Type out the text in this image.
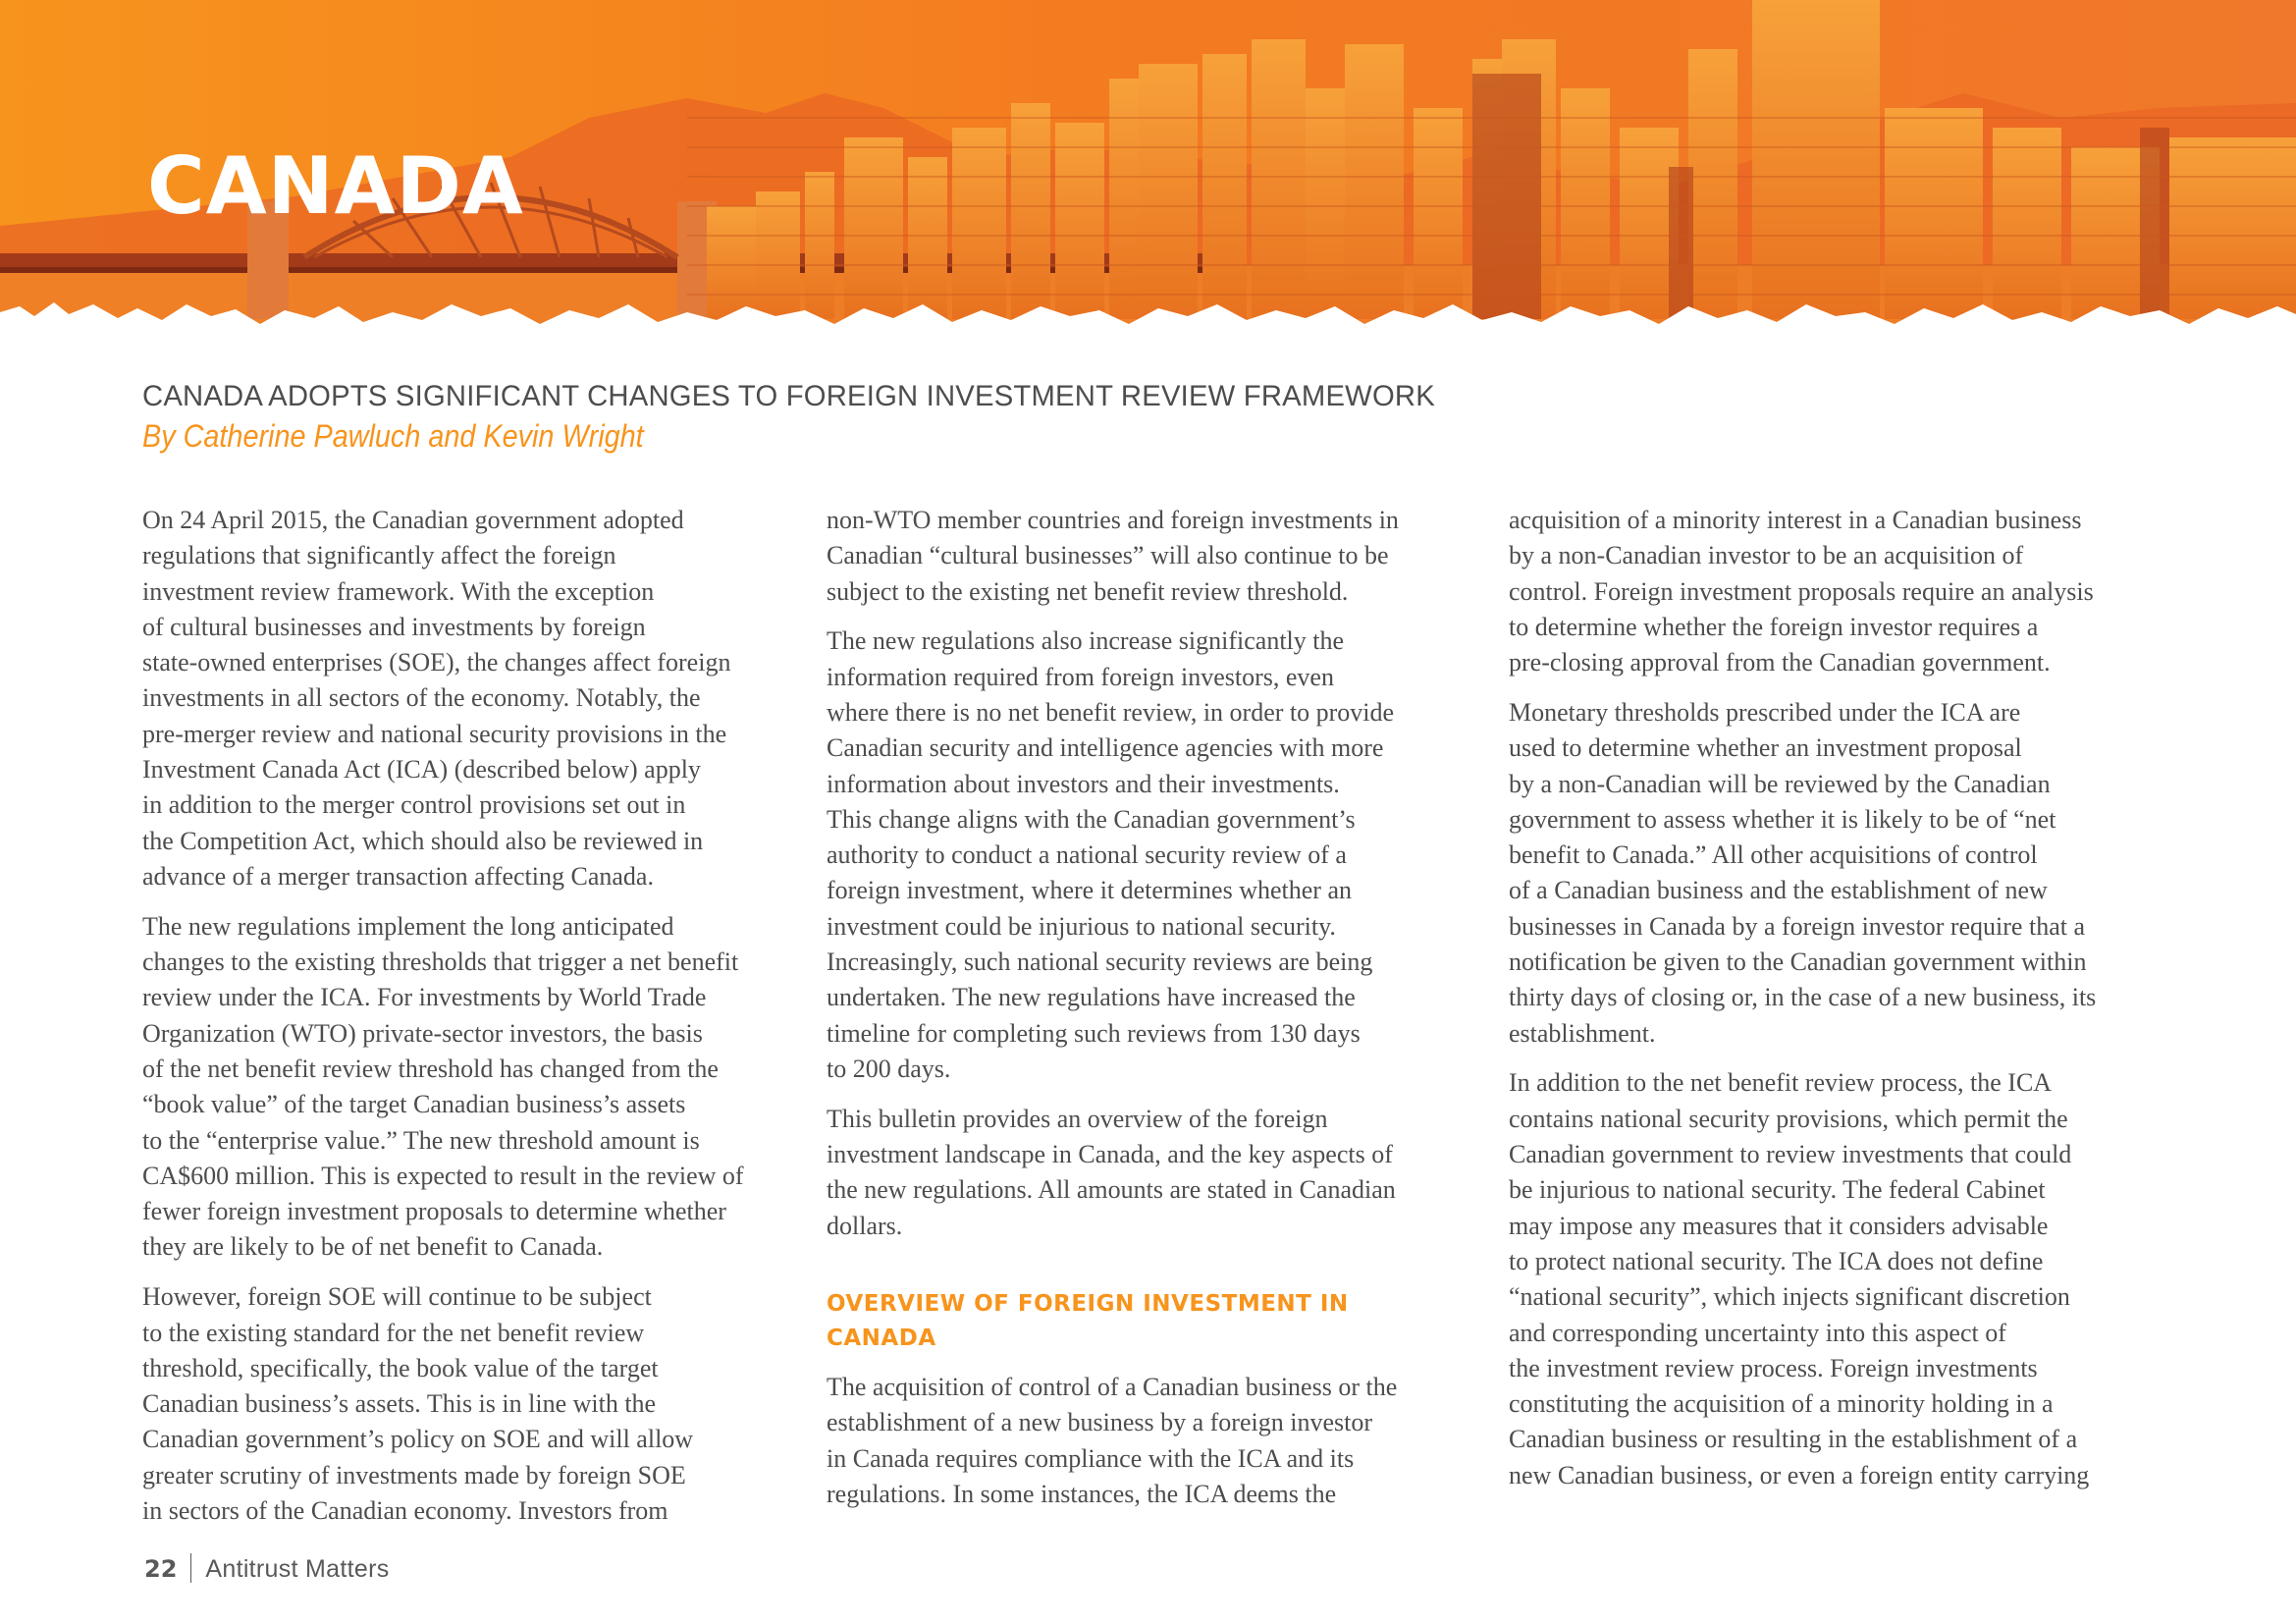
CANADA
CANADA ADOPTS SIGNIFICANT CHANGES TO FOREIGN INVESTMENT REVIEW FRAMEWORK
By Catherine Pawluch and Kevin Wright

On 24 April 2015, the Canadian government adopted
regulations that significantly affect the foreign
investment review framework. With the exception
of cultural businesses and investments by foreign
state-owned enterprises (SOE), the changes affect foreign
investments in all sectors of the economy. Notably, the
pre-merger review and national security provisions in the
Investment Canada Act (ICA) (described below) apply
in addition to the merger control provisions set out in
the Competition Act, which should also be reviewed in
advance of a merger transaction affecting Canada.

The new regulations implement the long anticipated
changes to the existing thresholds that trigger a net benefit
review under the ICA. For investments by World Trade
Organization (WTO) private-sector investors, the basis
of the net benefit review threshold has changed from the
“book value” of the target Canadian business’s assets
to the “enterprise value.” The new threshold amount is
CA$600 million. This is expected to result in the review of
fewer foreign investment proposals to determine whether
they are likely to be of net benefit to Canada.

However, foreign SOE will continue to be subject
to the existing standard for the net benefit review
threshold, specifically, the book value of the target
Canadian business’s assets. This is in line with the
Canadian government’s policy on SOE and will allow
greater scrutiny of investments made by foreign SOE
in sectors of the Canadian economy. Investors from

non-WTO member countries and foreign investments in
Canadian “cultural businesses” will also continue to be
subject to the existing net benefit review threshold.

The new regulations also increase significantly the
information required from foreign investors, even
where there is no net benefit review, in order to provide
Canadian security and intelligence agencies with more
information about investors and their investments.
This change aligns with the Canadian government’s
authority to conduct a national security review of a
foreign investment, where it determines whether an
investment could be injurious to national security.
Increasingly, such national security reviews are being
undertaken. The new regulations have increased the
timeline for completing such reviews from 130 days
to 200 days.

This bulletin provides an overview of the foreign
investment landscape in Canada, and the key aspects of
the new regulations. All amounts are stated in Canadian
dollars.

OVERVIEW OF FOREIGN INVESTMENT IN
CANADA

The acquisition of control of a Canadian business or the
establishment of a new business by a foreign investor
in Canada requires compliance with the ICA and its
regulations. In some instances, the ICA deems the

acquisition of a minority interest in a Canadian business
by a non-Canadian investor to be an acquisition of
control. Foreign investment proposals require an analysis
to determine whether the foreign investor requires a
pre-closing approval from the Canadian government.

Monetary thresholds prescribed under the ICA are
used to determine whether an investment proposal
by a non-Canadian will be reviewed by the Canadian
government to assess whether it is likely to be of “net
benefit to Canada.” All other acquisitions of control
of a Canadian business and the establishment of new
businesses in Canada by a foreign investor require that a
notification be given to the Canadian government within
thirty days of closing or, in the case of a new business, its
establishment.

In addition to the net benefit review process, the ICA
contains national security provisions, which permit the
Canadian government to review investments that could
be injurious to national security. The federal Cabinet
may impose any measures that it considers advisable
to protect national security. The ICA does not define
“national security”, which injects significant discretion
and corresponding uncertainty into this aspect of
the investment review process. Foreign investments
constituting the acquisition of a minority holding in a
Canadian business or resulting in the establishment of a
new Canadian business, or even a foreign entity carrying

22 Antitrust Matters
